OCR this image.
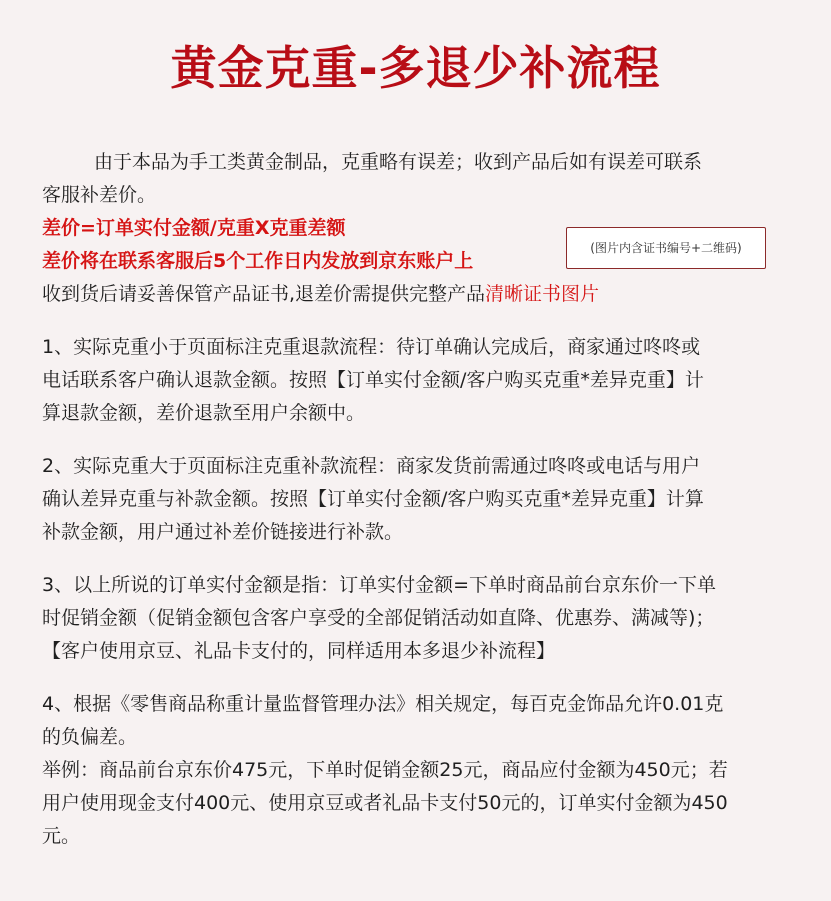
黄金克重-多退少补流程

由于本品为手工类黄金制品，克重略有误差；收到产品后如有误差可联系

客服补差价。

差价=订单实付金额/克重X克重差额

差价将在联系客服后5个工作日内发放到京东账户上

收到货后请妥善保管产品证书,退差价需提供完整产品清晰证书图片

1、实际克重小于页面标注克重退款流程：待订单确认完成后，商家通过咚咚或

电话联系客户确认退款金额。按照【订单实付金额/客户购买克重*差异克重】计

算退款金额，差价退款至用户余额中。

2、实际克重大于页面标注克重补款流程：商家发货前需通过咚咚或电话与用户

确认差异克重与补款金额。按照【订单实付金额/客户购买克重*差异克重】计算

补款金额，用户通过补差价链接进行补款。

3、以上所说的订单实付金额是指：订单实付金额=下单时商品前台京东价一下单

时促销金额（促销金额包含客户享受的全部促销活动如直降、优惠券、满减等)；

【客户使用京豆、礼品卡支付的，同样适用本多退少补流程】

4、根据《零售商品称重计量监督管理办法》相关规定，每百克金饰品允许0.01克

的负偏差。

举例：商品前台京东价475元，下单时促销金额25元，商品应付金额为450元；若

用户使用现金支付400元、使用京豆或者礼品卡支付50元的，订单实付金额为450

元。

(图片内含证书编号+二维码)
